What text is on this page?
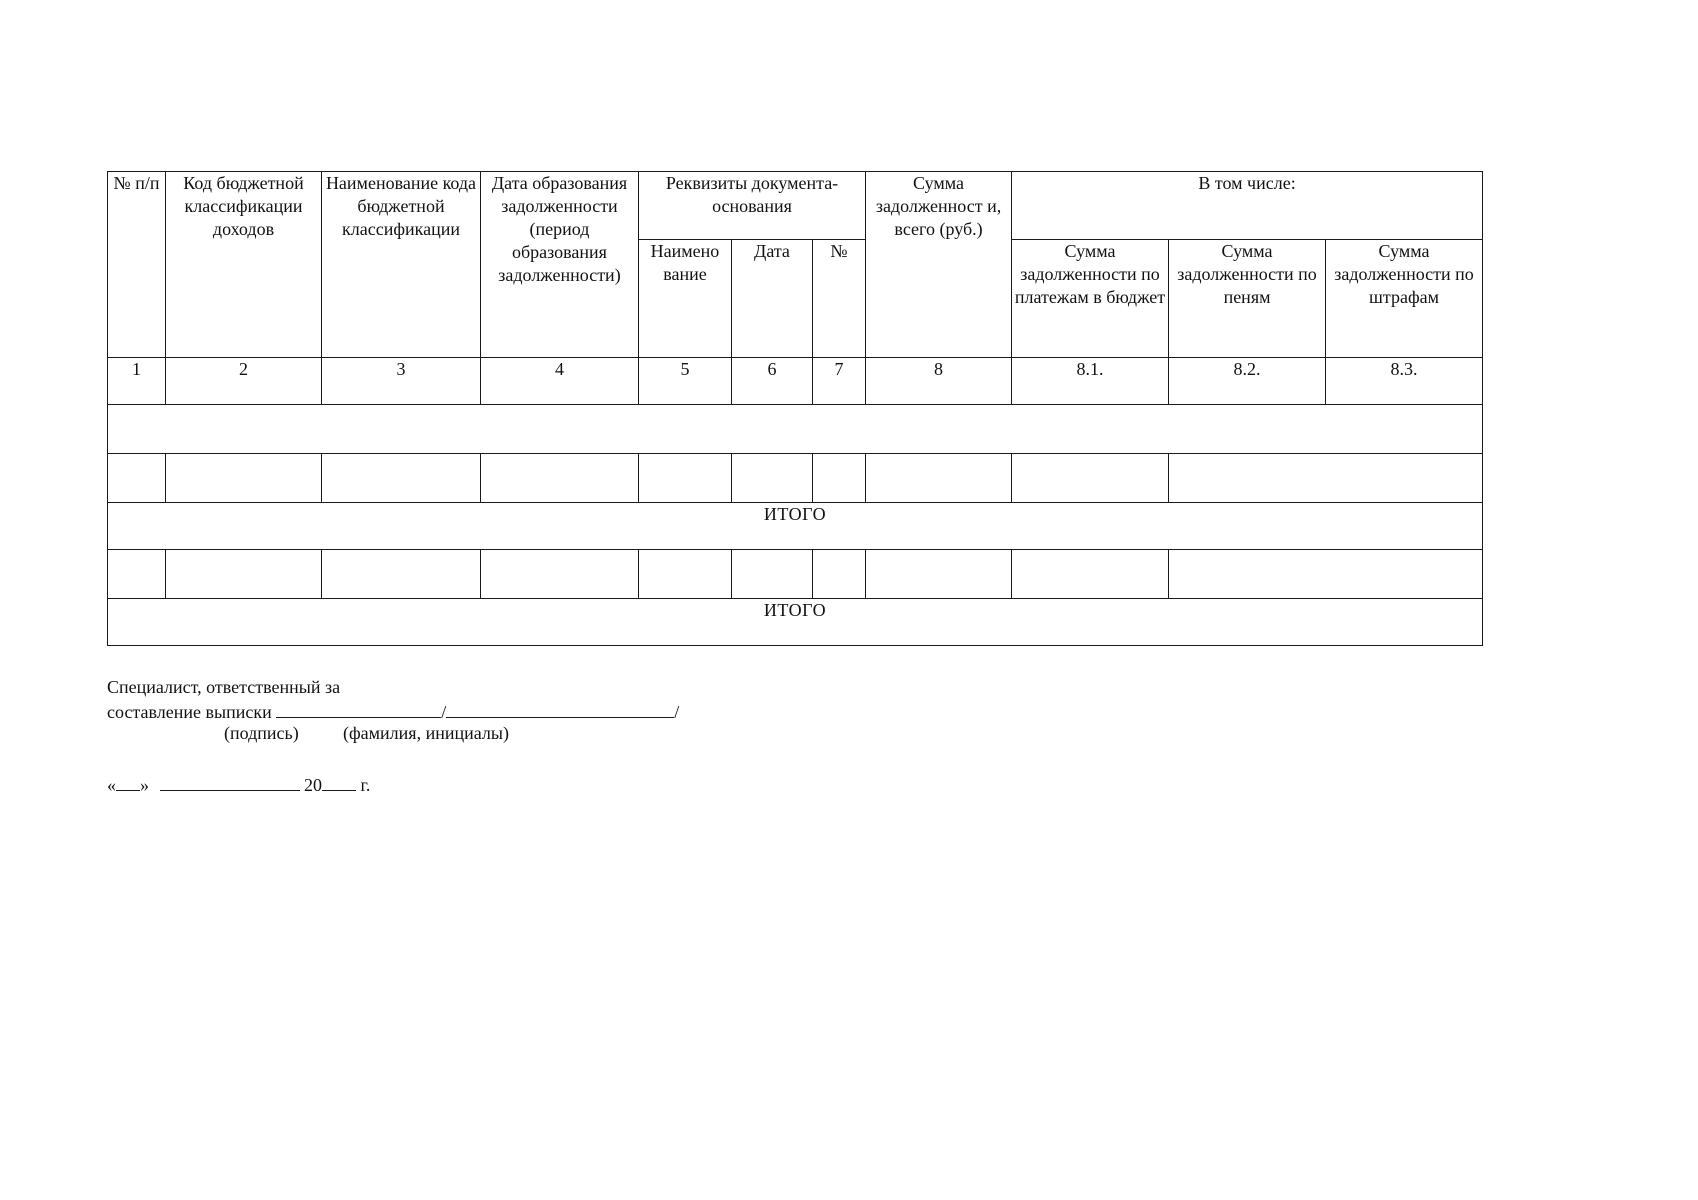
№ п/п	Код бюджетной классификации доходов	Наименование кода бюджетной классификации	Дата образования задолженности (период образования задолженности)	Реквизиты документа-основания			Сумма задолженност и, всего (руб.)	В том числе:		
				Наимено вание	Дата	№		Сумма задолженности по платежам в бюджет	Сумма задолженности по пеням	Сумма задолженности по штрафам
1	2	3	4	5	6	7	8	8.1.	8.2.	8.3.

ИТОГО										

ИТОГО										
Специалист, ответственный за
составление выписки	/	/
(подпись) (фамилия, инициалы)
« »	20 г.
